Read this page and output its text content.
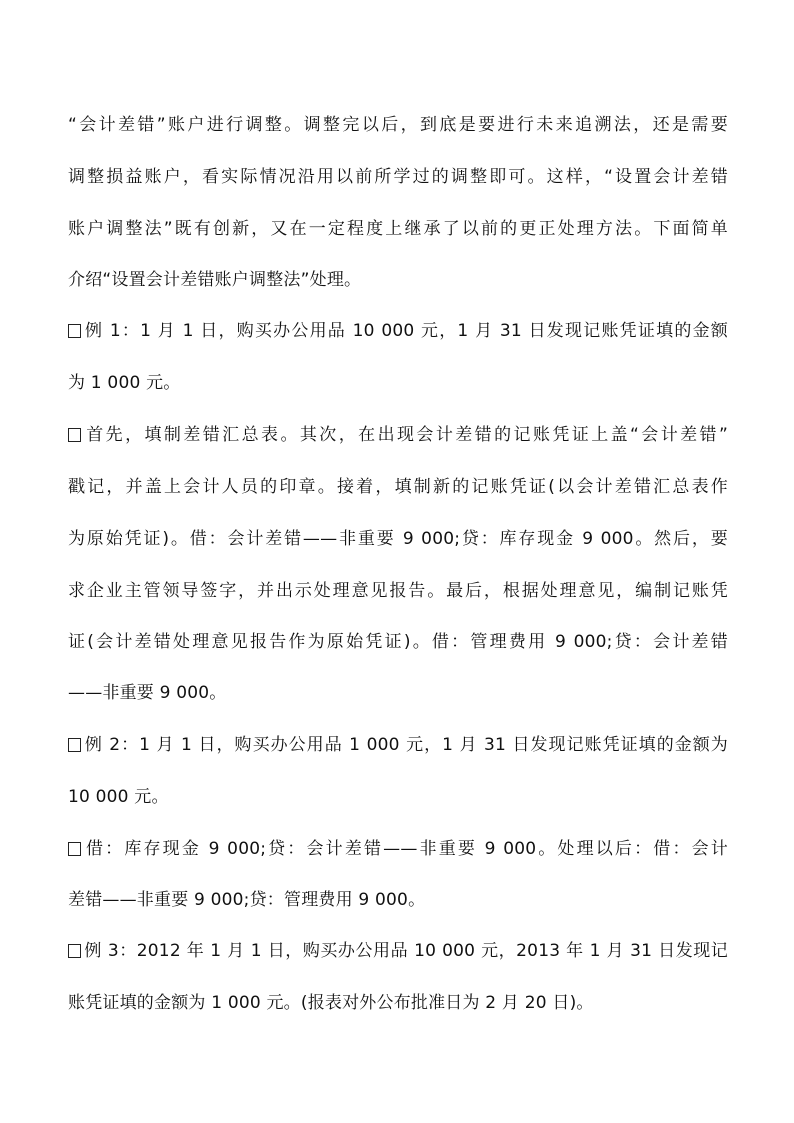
“会计差错”账户进行调整。调整完以后，到底是要进行未来追溯法，还是需要
调整损益账户，看实际情况沿用以前所学过的调整即可。这样，“设置会计差错
账户调整法”既有创新，又在一定程度上继承了以前的更正处理方法。下面简单
介绍“设置会计差错账户调整法”处理。
例 1：1 月 1 日，购买办公用品 10 000 元，1 月 31 日发现记账凭证填的金额
为 1 000 元。
首先，填制差错汇总表。其次，在出现会计差错的记账凭证上盖“会计差错”
戳记，并盖上会计人员的印章。接着，填制新的记账凭证(以会计差错汇总表作
为原始凭证)。借：会计差错——非重要 9 000;贷：库存现金 9 000。然后，要
求企业主管领导签字，并出示处理意见报告。最后，根据处理意见，编制记账凭
证(会计差错处理意见报告作为原始凭证)。借：管理费用 9 000;贷：会计差错
——非重要 9 000。
例 2：1 月 1 日，购买办公用品 1 000 元，1 月 31 日发现记账凭证填的金额为
10 000 元。
借：库存现金 9 000;贷：会计差错——非重要 9 000。处理以后：借：会计
差错——非重要 9 000;贷：管理费用 9 000。
例 3：2012 年 1 月 1 日，购买办公用品 10 000 元，2013 年 1 月 31 日发现记
账凭证填的金额为 1 000 元。(报表对外公布批准日为 2 月 20 日)。
